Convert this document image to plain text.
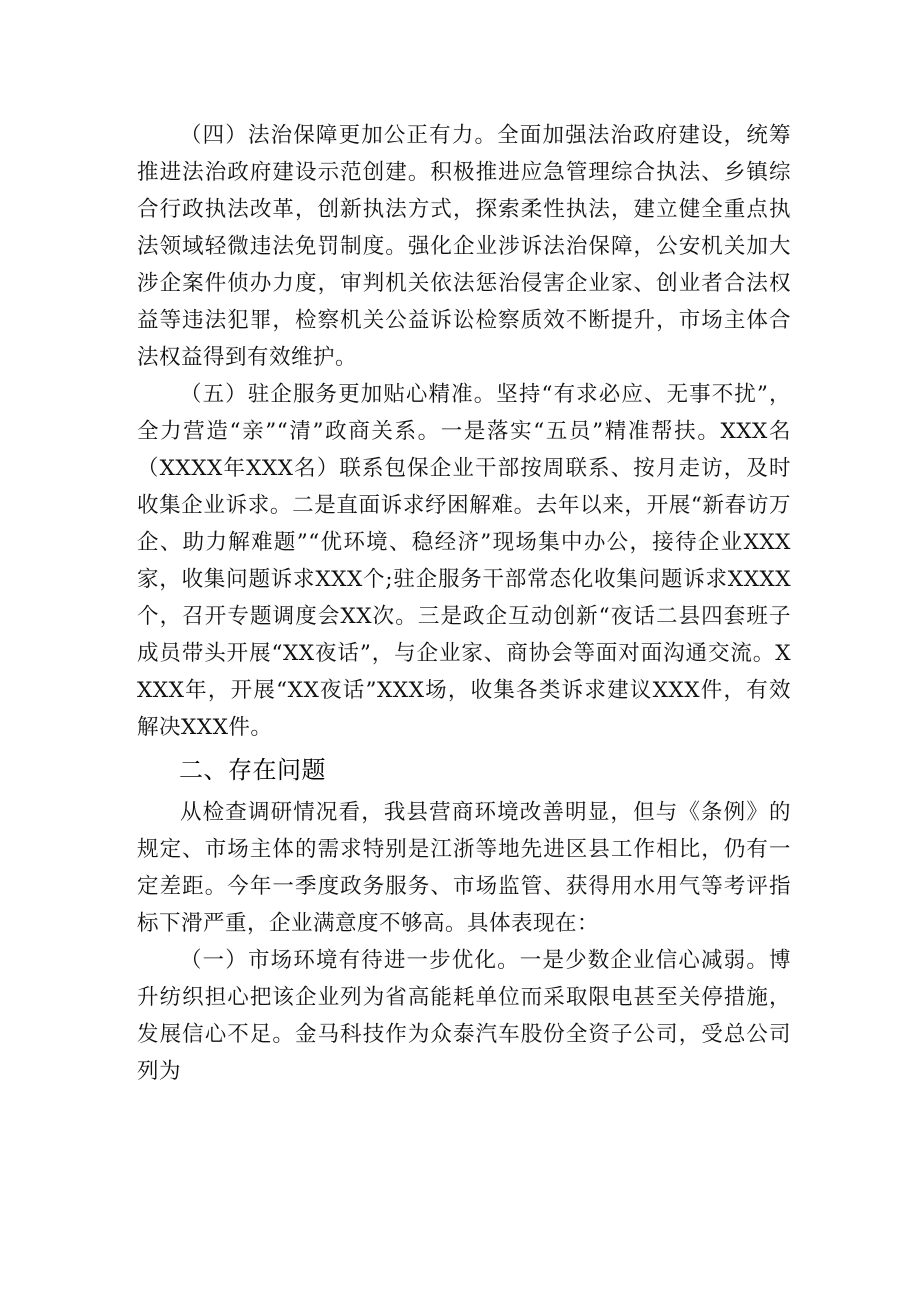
（四）法治保障更加公正有力。全面加强法治政府建设，统筹推进法治政府建设示范创建。积极推进应急管理综合执法、乡镇综合行政执法改革，创新执法方式，探索柔性执法，建立健全重点执法领域轻微违法免罚制度。强化企业涉诉法治保障，公安机关加大涉企案件侦办力度，审判机关依法惩治侵害企业家、创业者合法权益等违法犯罪，检察机关公益诉讼检察质效不断提升，市场主体合法权益得到有效维护。

（五）驻企服务更加贴心精准。坚持“有求必应、无事不扰”，全力营造“亲”“清”政商关系。一是落实“五员”精准帮扶。XXX名（XXXX年XXX名）联系包保企业干部按周联系、按月走访，及时收集企业诉求。二是直面诉求纾困解难。去年以来，开展“新春访万企、助力解难题”“优环境、稳经济”现场集中办公，接待企业XXX家，收集问题诉求XXX个;驻企服务干部常态化收集问题诉求XXXX个，召开专题调度会XX次。三是政企互动创新“夜话二县四套班子成员带头开展“XX夜话”，与企业家、商协会等面对面沟通交流。XXXX年，开展“XX夜话”XXX场，收集各类诉求建议XXX件，有效解决XXX件。

二、存在问题

从检查调研情况看，我县营商环境改善明显，但与《条例》的规定、市场主体的需求特别是江浙等地先进区县工作相比，仍有一定差距。今年一季度政务服务、市场监管、获得用水用气等考评指标下滑严重，企业满意度不够高。具体表现在：

（一）市场环境有待进一步优化。一是少数企业信心减弱。博升纺织担心把该企业列为省高能耗单位而采取限电甚至关停措施，发展信心不足。金马科技作为众泰汽车股份全资子公司，受总公司列为
